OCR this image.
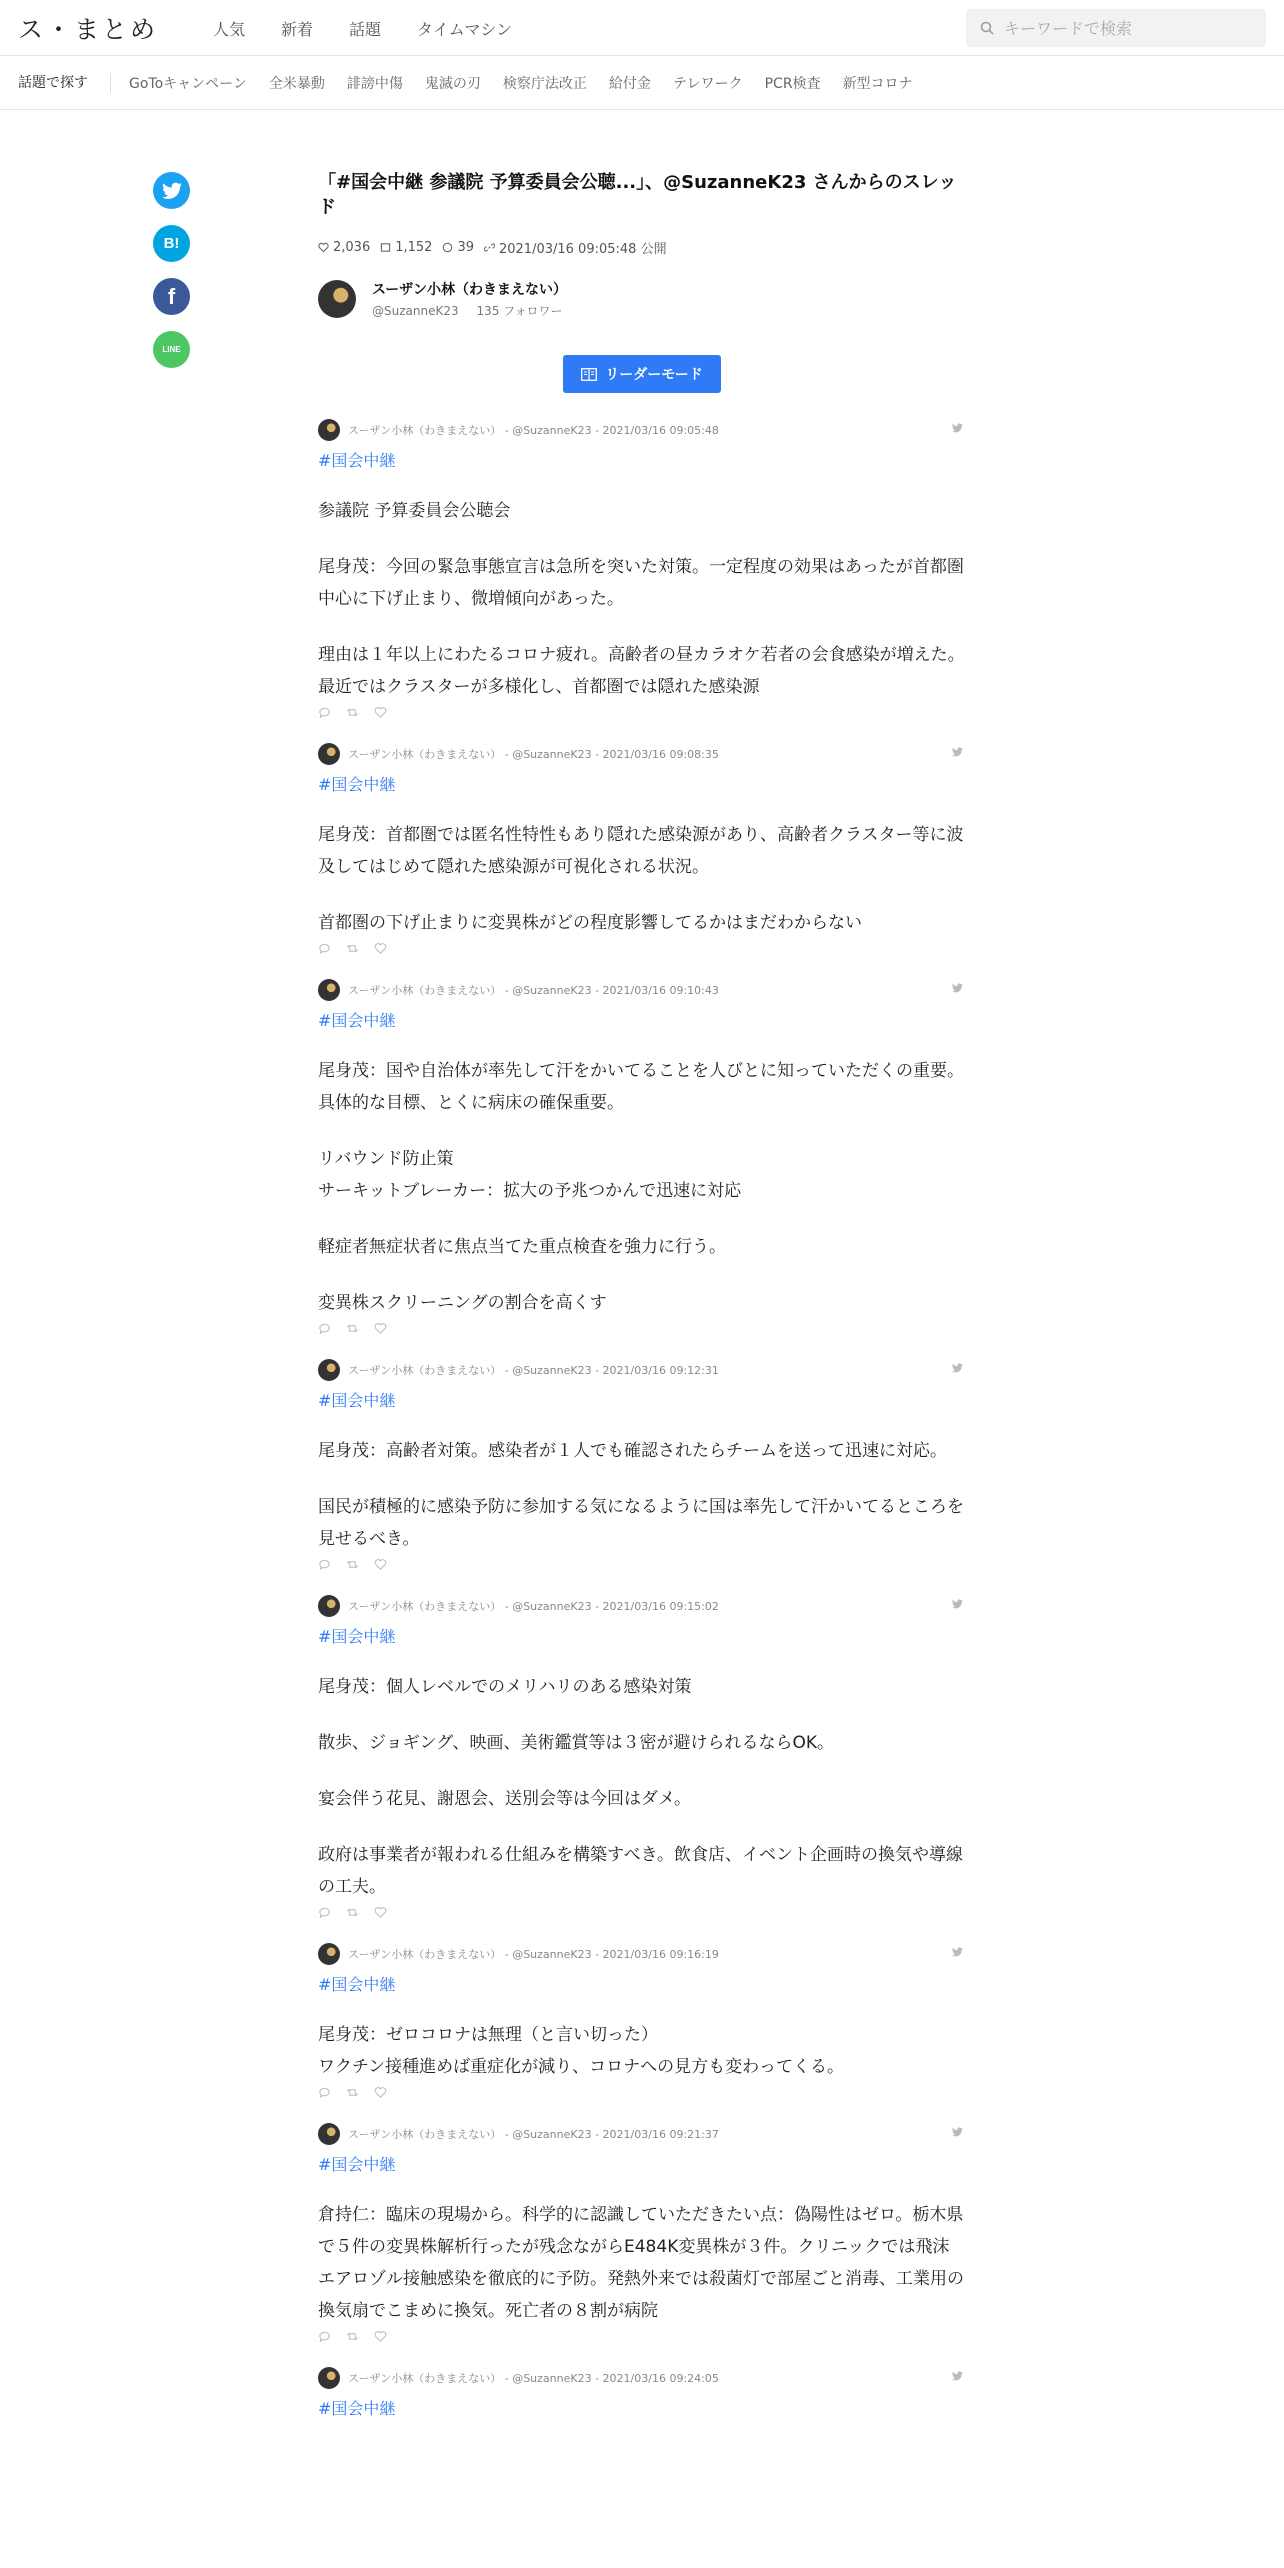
ス・まとめ	人気 新着 話題 タイムマシン
キーワードで検索
話題で探す	GoToキャンペーン 全米暴動 誹謗中傷 鬼滅の刃 検察庁法改正 給付金 テレワーク PCR検査 新型コロナ
B!
f
LINE
「#国会中継 参議院 予算委員会公聴...」、@SuzanneK23 さんからのスレッド
2,036 1,152 39 2021/03/16 09:05:48 公開
スーザン小林（わきまえない）
@SuzanneK23 135 フォロワー
リーダーモード
スーザン小林（わきまえない） - @SuzanneK23 - 2021/03/16 09:05:48
#国会中継

参議院 予算委員会公聴会

尾身茂：今回の緊急事態宣言は急所を突いた対策。一定程度の効果はあったが首都圏中心に下げ止まり、微増傾向があった。

理由は１年以上にわたるコロナ疲れ。高齢者の昼カラオケ若者の会食感染が増えた。最近ではクラスターが多様化し、首都圏では隠れた感染源

スーザン小林（わきまえない） - @SuzanneK23 - 2021/03/16 09:08:35
#国会中継

尾身茂：首都圏では匿名性特性もあり隠れた感染源があり、高齢者クラスター等に波及してはじめて隠れた感染源が可視化される状況。

首都圏の下げ止まりに変異株がどの程度影響してるかはまだわからない

スーザン小林（わきまえない） - @SuzanneK23 - 2021/03/16 09:10:43
#国会中継

尾身茂：国や自治体が率先して汗をかいてることを人びとに知っていただくの重要。具体的な目標、とくに病床の確保重要。

リバウンド防止策
サーキットブレーカー：拡大の予兆つかんで迅速に対応

軽症者無症状者に焦点当てた重点検査を強力に行う。

変異株スクリーニングの割合を高くす

スーザン小林（わきまえない） - @SuzanneK23 - 2021/03/16 09:12:31
#国会中継

尾身茂：高齢者対策。感染者が１人でも確認されたらチームを送って迅速に対応。

国民が積極的に感染予防に参加する気になるように国は率先して汗かいてるところを見せるべき。

スーザン小林（わきまえない） - @SuzanneK23 - 2021/03/16 09:15:02
#国会中継

尾身茂：個人レベルでのメリハリのある感染対策

散歩、ジョギング、映画、美術鑑賞等は３密が避けられるならOK。

宴会伴う花見、謝恩会、送別会等は今回はダメ。

政府は事業者が報われる仕組みを構築すべき。飲食店、イベント企画時の換気や導線の工夫。

スーザン小林（わきまえない） - @SuzanneK23 - 2021/03/16 09:16:19
#国会中継

尾身茂：ゼロコロナは無理（と言い切った）
ワクチン接種進めば重症化が減り、コロナへの見方も変わってくる。

スーザン小林（わきまえない） - @SuzanneK23 - 2021/03/16 09:21:37
#国会中継

倉持仁：臨床の現場から。科学的に認識していただきたい点：偽陽性はゼロ。栃木県で５件の変異株解析行ったが残念ながらE484K変異株が３件。クリニックでは飛沫エアロゾル接触感染を徹底的に予防。発熱外来では殺菌灯で部屋ごと消毒、工業用の換気扇でこまめに換気。死亡者の８割が病院

スーザン小林（わきまえない） - @SuzanneK23 - 2021/03/16 09:24:05
#国会中継
